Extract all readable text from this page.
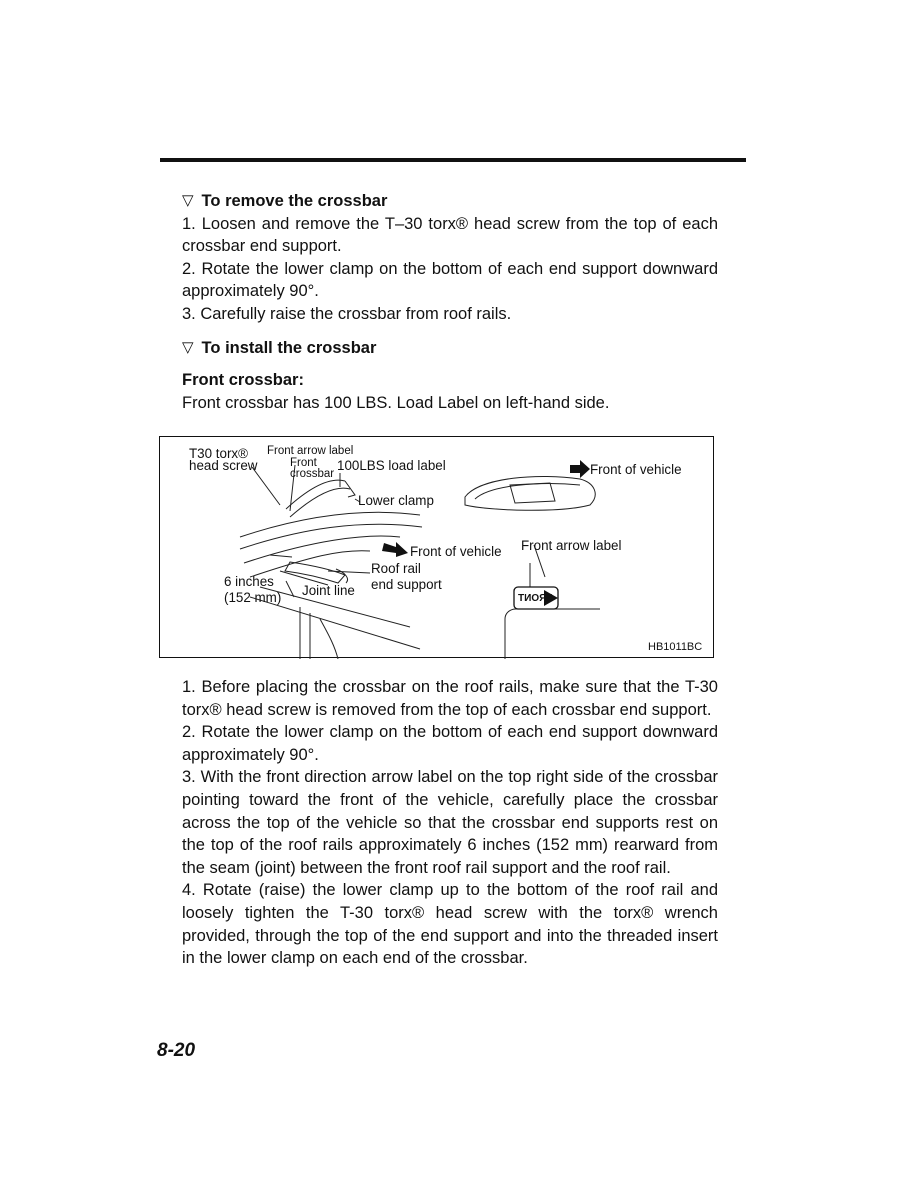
▽ To remove the crossbar

1. Loosen and remove the T–30 torx® head screw from the top of each crossbar end support.

2. Rotate the lower clamp on the bottom of each end support downward approximately 90°.

3. Carefully raise the crossbar from roof rails.

▽ To install the crossbar
Front crossbar:

Front crossbar has 100 LBS. Load Label on left-hand side.

T30 torx®
head screw
Front arrow label
Front
crossbar
100LBS load label
Lower clamp
Front of vehicle
Roof rail
end support
6 inches
(152 mm) Joint line
Front of vehicle
Front arrow label
FRONT
HB1011BC

1. Before placing the crossbar on the roof rails, make sure that the T-30 torx® head screw is removed from the top of each crossbar end support.

2. Rotate the lower clamp on the bottom of each end support downward approximately 90°.

3. With the front direction arrow label on the top right side of the crossbar pointing toward the front of the vehicle, carefully place the crossbar across the top of the vehicle so that the crossbar end supports rest on the top of the roof rails approximately 6 inches (152 mm) rearward from the seam (joint) between the front roof rail support and the roof rail.

4. Rotate (raise) the lower clamp up to the bottom of the roof rail and loosely tighten the T-30 torx® head screw with the torx® wrench provided, through the top of the end support and into the threaded insert in the lower clamp on each end of the crossbar.

8-20
